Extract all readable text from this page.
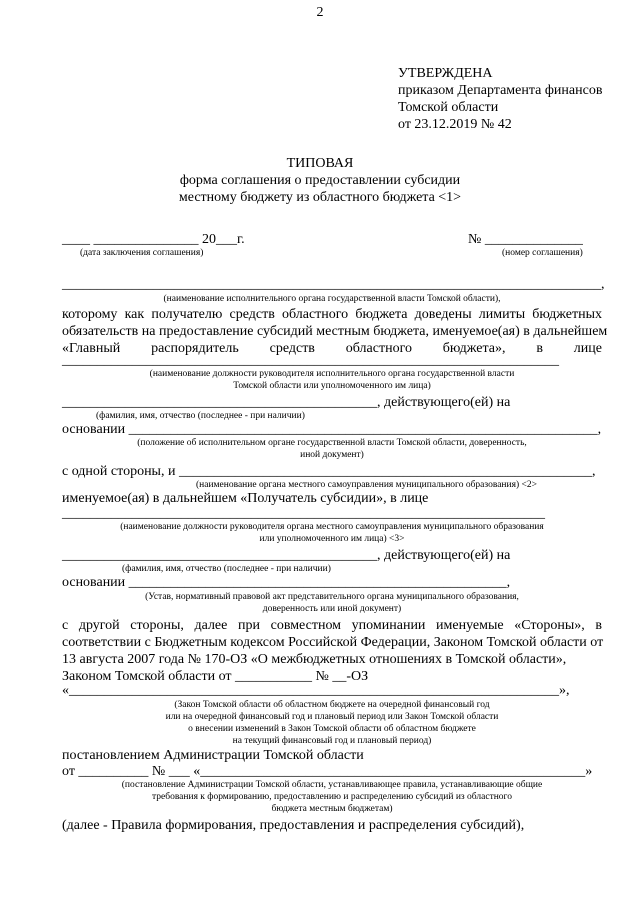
2
УТВЕРЖДЕНА
приказом Департамента финансов
Томской области
от 23.12.2019 № 42
ТИПОВАЯ
форма соглашения о предоставлении субсидии
местному бюджету из областного бюджета <1>
____ _______________ 20___г.	№ ______________
(дата заключения соглашения)	(номер соглашения)
_____________________________________________________________________________,
(наименование исполнительного органа государственной власти Томской области),
которому как получателю средств областного бюджета доведены лимиты бюджетных
обязательств на предоставление субсидий местным бюджета, именуемое(ая) в дальнейшем
«Главный распорядитель средств областного бюджета», в лице
_______________________________________________________________________
(наименование должности руководителя исполнительного органа государственной власти
Томской области или уполномоченного им лица)
_____________________________________________, действующего(ей) на
(фамилия, имя, отчество (последнее - при наличии)
основании ___________________________________________________________________,
(положение об исполнительном органе государственной власти Томской области, доверенность,
иной документ)
с одной стороны, и ___________________________________________________________,
(наименование органа местного самоуправления муниципального образования) <2>
именуемое(ая) в дальнейшем «Получатель субсидии», в лице
_____________________________________________________________________
(наименование должности руководителя органа местного самоуправления муниципального образования
или уполномоченного им лица) <3>
_____________________________________________, действующего(ей) на
(фамилия, имя, отчество (последнее - при наличии)
основании ______________________________________________________,
(Устав, нормативный правовой акт представительного органа муниципального образования,
доверенность или иной документ)
с другой стороны, далее при совместном упоминании именуемые «Стороны», в
соответствии с Бюджетным кодексом Российской Федерации, Законом Томской области от
13 августа 2007 года № 170-ОЗ «О межбюджетных отношениях в Томской области»,
Законом Томской области от ___________ № __-ОЗ
«______________________________________________________________________»,
(Закон Томской области об областном бюджете на очередной финансовый год
или на очередной финансовый год и плановый период или Закон Томской области
о внесении изменений в Закон Томской области об областном бюджете
на текущий финансовый год и плановый период)
постановлением Администрации Томской области
от __________ № ___ «_______________________________________________________»
(постановление Администрации Томской области, устанавливающее правила, устанавливающие общие
требования к формированию, предоставлению и распределению субсидий из областного
бюджета местным бюджетам)
(далее - Правила формирования, предоставления и распределения субсидий),
